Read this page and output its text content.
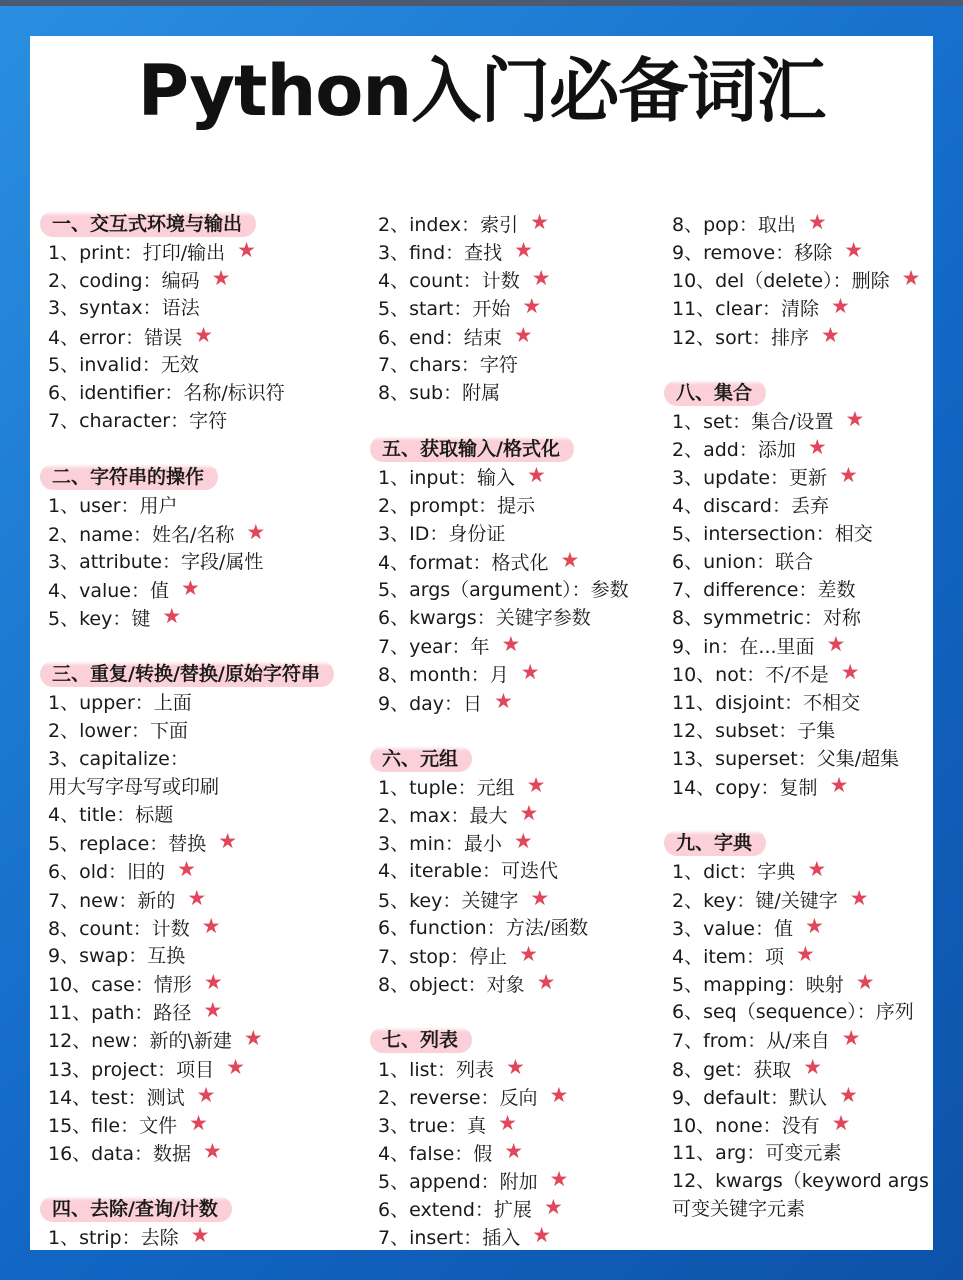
Python入门必备词汇
一、交互式环境与输出
1、print：打印/输出 ★
2、coding：编码 ★
3、syntax：语法
4、error：错误 ★
5、invalid：无效
6、identifier：名称/标识符
7、character：字符
二、字符串的操作
1、user：用户
2、name：姓名/名称 ★
3、attribute：字段/属性
4、value：值 ★
5、key：键 ★
三、重复/转换/替换/原始字符串
1、upper：上面
2、lower：下面
3、capitalize：
用大写字母写或印刷
4、title：标题
5、replace：替换 ★
6、old：旧的 ★
7、new：新的 ★
8、count：计数 ★
9、swap：互换
10、case：情形 ★
11、path：路径 ★
12、new：新的\新建 ★
13、project：项目 ★
14、test：测试 ★
15、file：文件 ★
16、data：数据 ★
四、去除/查询/计数
1、strip：去除 ★
2、index：索引 ★
3、find：查找 ★
4、count：计数 ★
5、start：开始 ★
6、end：结束 ★
7、chars：字符
8、sub：附属
五、获取输入/格式化
1、input：输入 ★
2、prompt：提示
3、ID：身份证
4、format：格式化 ★
5、args（argument）：参数
6、kwargs：关键字参数
7、year：年 ★
8、month：月 ★
9、day：日 ★
六、元组
1、tuple：元组 ★
2、max：最大 ★
3、min：最小 ★
4、iterable：可迭代
5、key：关键字 ★
6、function：方法/函数
7、stop：停止 ★
8、object：对象 ★
七、列表
1、list：列表 ★
2、reverse：反向 ★
3、true：真 ★
4、false：假 ★
5、append：附加 ★
6、extend：扩展 ★
7、insert：插入 ★
8、pop：取出 ★
9、remove：移除 ★
10、del（delete）：删除 ★
11、clear：清除 ★
12、sort：排序 ★
八、集合
1、set：集合/设置 ★
2、add：添加 ★
3、update：更新 ★
4、discard：丢弃
5、intersection：相交
6、union：联合
7、difference：差数
8、symmetric：对称
9、in：在...里面 ★
10、not：不/不是 ★
11、disjoint：不相交
12、subset：子集
13、superset：父集/超集
14、copy：复制 ★
九、字典
1、dict：字典 ★
2、key：键/关键字 ★
3、value：值 ★
4、item：项 ★
5、mapping：映射 ★
6、seq（sequence）：序列
7、from：从/来自 ★
8、get：获取 ★
9、default：默认 ★
10、none：没有 ★
11、arg：可变元素
12、kwargs（keyword args
可变关键字元素
